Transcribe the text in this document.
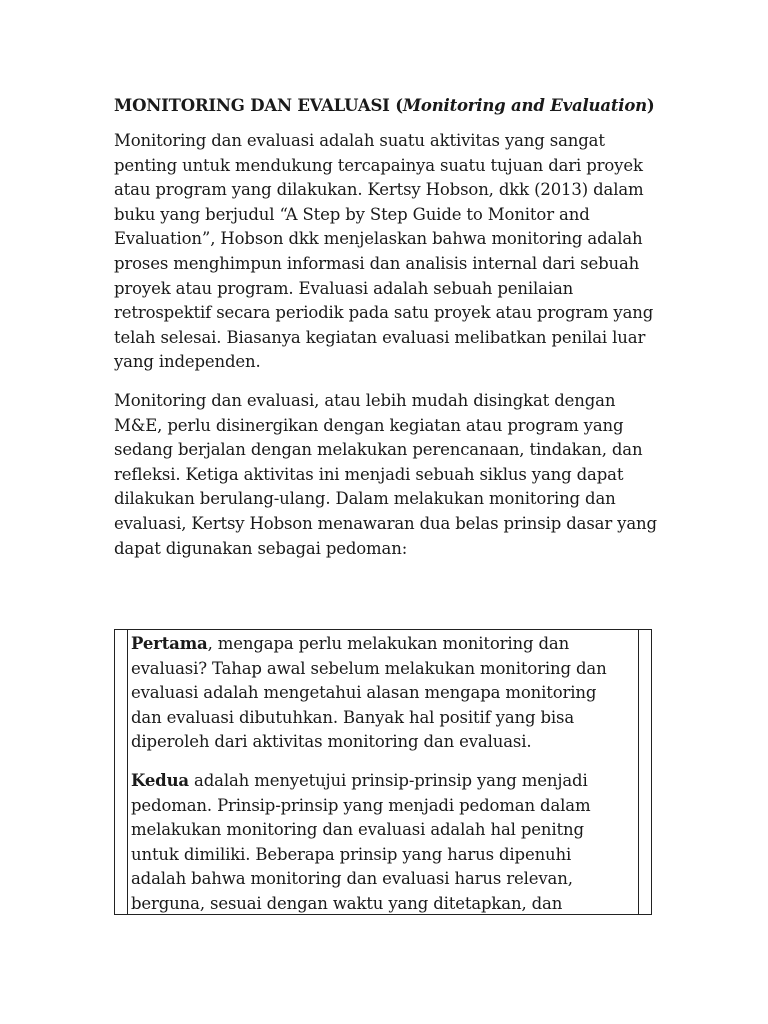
MONITORING DAN EVALUASI (Monitoring and Evaluation)

Monitoring dan evaluasi adalah suatu aktivitas yang sangat penting untuk mendukung tercapainya suatu tujuan dari proyek atau program yang dilakukan. Kertsy Hobson, dkk (2013) dalam buku yang berjudul “A Step by Step Guide to Monitor and Evaluation”, Hobson dkk menjelaskan bahwa monitoring adalah proses menghimpun informasi dan analisis internal dari sebuah proyek atau program. Evaluasi adalah sebuah penilaian retrospektif secara periodik pada satu proyek atau program yang telah selesai. Biasanya kegiatan evaluasi melibatkan penilai luar yang independen.

Monitoring dan evaluasi, atau lebih mudah disingkat dengan M&E, perlu disinergikan dengan kegiatan atau program yang sedang berjalan dengan melakukan perencanaan, tindakan, dan refleksi. Ketiga aktivitas ini menjadi sebuah siklus yang dapat dilakukan berulang-ulang. Dalam melakukan monitoring dan evaluasi, Kertsy Hobson menawaran dua belas prinsip dasar yang dapat digunakan sebagai pedoman:

Pertama, mengapa perlu melakukan monitoring dan evaluasi? Tahap awal sebelum melakukan monitoring dan evaluasi adalah mengetahui alasan mengapa monitoring dan evaluasi dibutuhkan. Banyak hal positif yang bisa diperoleh dari aktivitas monitoring dan evaluasi.

Kedua adalah menyetujui prinsip-prinsip yang menjadi pedoman. Prinsip-prinsip yang menjadi pedoman dalam melakukan monitoring dan evaluasi adalah hal penitng untuk dimiliki. Beberapa prinsip yang harus dipenuhi adalah bahwa monitoring dan evaluasi harus relevan, berguna, sesuai dengan waktu yang ditetapkan, dan
